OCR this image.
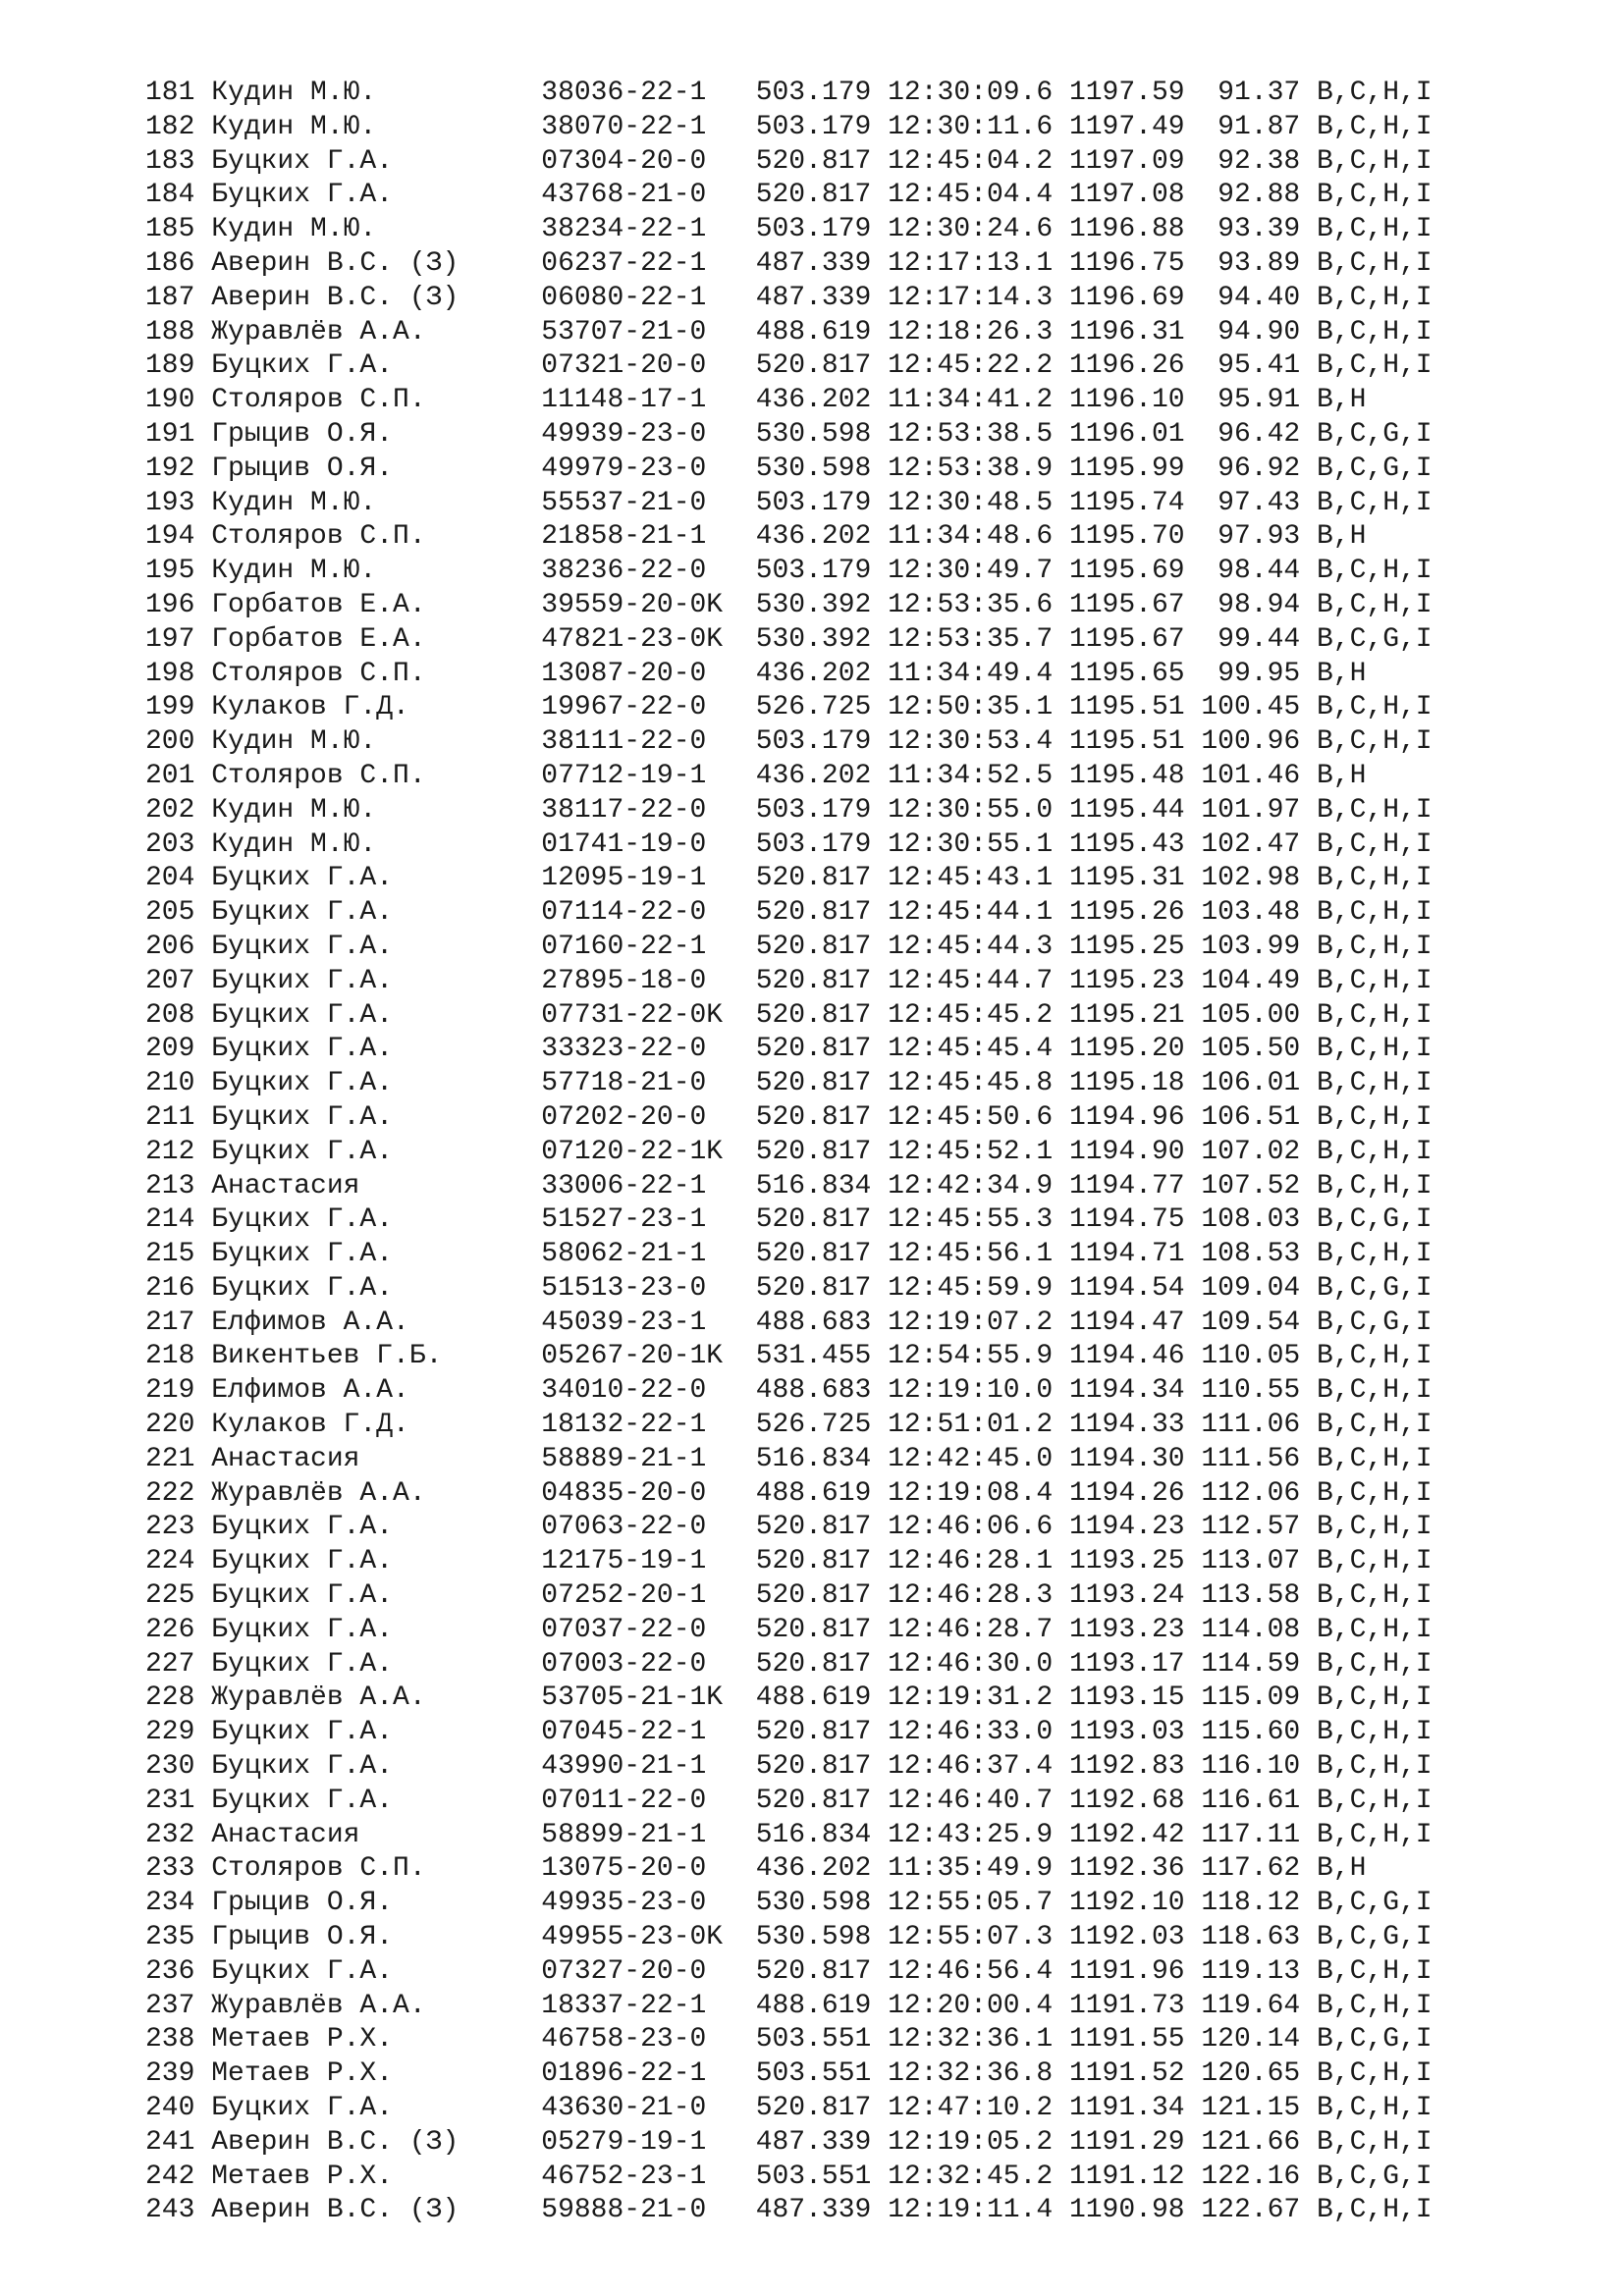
181 Кудин М.Ю.          38036-22-1   503.179 12:30:09.6 1197.59  91.37 B,C,H,I
182 Кудин М.Ю.          38070-22-1   503.179 12:30:11.6 1197.49  91.87 B,C,H,I
183 Буцких Г.А.         07304-20-0   520.817 12:45:04.2 1197.09  92.38 B,C,H,I
184 Буцких Г.А.         43768-21-0   520.817 12:45:04.4 1197.08  92.88 B,C,H,I
185 Кудин М.Ю.          38234-22-1   503.179 12:30:24.6 1196.88  93.39 B,C,H,I
186 Аверин В.С. (З)     06237-22-1   487.339 12:17:13.1 1196.75  93.89 B,C,H,I
187 Аверин В.С. (З)     06080-22-1   487.339 12:17:14.3 1196.69  94.40 B,C,H,I
188 Журавлёв А.А.       53707-21-0   488.619 12:18:26.3 1196.31  94.90 B,C,H,I
189 Буцких Г.А.         07321-20-0   520.817 12:45:22.2 1196.26  95.41 B,C,H,I
190 Столяров С.П.       11148-17-1   436.202 11:34:41.2 1196.10  95.91 B,H
191 Грыцив О.Я.         49939-23-0   530.598 12:53:38.5 1196.01  96.42 B,C,G,I
192 Грыцив О.Я.         49979-23-0   530.598 12:53:38.9 1195.99  96.92 B,C,G,I
193 Кудин М.Ю.          55537-21-0   503.179 12:30:48.5 1195.74  97.43 B,C,H,I
194 Столяров С.П.       21858-21-1   436.202 11:34:48.6 1195.70  97.93 B,H
195 Кудин М.Ю.          38236-22-0   503.179 12:30:49.7 1195.69  98.44 B,C,H,I
196 Горбатов Е.А.       39559-20-0K  530.392 12:53:35.6 1195.67  98.94 B,C,H,I
197 Горбатов Е.А.       47821-23-0K  530.392 12:53:35.7 1195.67  99.44 B,C,G,I
198 Столяров С.П.       13087-20-0   436.202 11:34:49.4 1195.65  99.95 B,H
199 Кулаков Г.Д.        19967-22-0   526.725 12:50:35.1 1195.51 100.45 B,C,H,I
200 Кудин М.Ю.          38111-22-0   503.179 12:30:53.4 1195.51 100.96 B,C,H,I
201 Столяров С.П.       07712-19-1   436.202 11:34:52.5 1195.48 101.46 B,H
202 Кудин М.Ю.          38117-22-0   503.179 12:30:55.0 1195.44 101.97 B,C,H,I
203 Кудин М.Ю.          01741-19-0   503.179 12:30:55.1 1195.43 102.47 B,C,H,I
204 Буцких Г.А.         12095-19-1   520.817 12:45:43.1 1195.31 102.98 B,C,H,I
205 Буцких Г.А.         07114-22-0   520.817 12:45:44.1 1195.26 103.48 B,C,H,I
206 Буцких Г.А.         07160-22-1   520.817 12:45:44.3 1195.25 103.99 B,C,H,I
207 Буцких Г.А.         27895-18-0   520.817 12:45:44.7 1195.23 104.49 B,C,H,I
208 Буцких Г.А.         07731-22-0K  520.817 12:45:45.2 1195.21 105.00 B,C,H,I
209 Буцких Г.А.         33323-22-0   520.817 12:45:45.4 1195.20 105.50 B,C,H,I
210 Буцких Г.А.         57718-21-0   520.817 12:45:45.8 1195.18 106.01 B,C,H,I
211 Буцких Г.А.         07202-20-0   520.817 12:45:50.6 1194.96 106.51 B,C,H,I
212 Буцких Г.А.         07120-22-1K  520.817 12:45:52.1 1194.90 107.02 B,C,H,I
213 Анастасия           33006-22-1   516.834 12:42:34.9 1194.77 107.52 B,C,H,I
214 Буцких Г.А.         51527-23-1   520.817 12:45:55.3 1194.75 108.03 B,C,G,I
215 Буцких Г.А.         58062-21-1   520.817 12:45:56.1 1194.71 108.53 B,C,H,I
216 Буцких Г.А.         51513-23-0   520.817 12:45:59.9 1194.54 109.04 B,C,G,I
217 Елфимов А.А.        45039-23-1   488.683 12:19:07.2 1194.47 109.54 B,C,G,I
218 Викентьев Г.Б.      05267-20-1K  531.455 12:54:55.9 1194.46 110.05 B,C,H,I
219 Елфимов А.А.        34010-22-0   488.683 12:19:10.0 1194.34 110.55 B,C,H,I
220 Кулаков Г.Д.        18132-22-1   526.725 12:51:01.2 1194.33 111.06 B,C,H,I
221 Анастасия           58889-21-1   516.834 12:42:45.0 1194.30 111.56 B,C,H,I
222 Журавлёв А.А.       04835-20-0   488.619 12:19:08.4 1194.26 112.06 B,C,H,I
223 Буцких Г.А.         07063-22-0   520.817 12:46:06.6 1194.23 112.57 B,C,H,I
224 Буцких Г.А.         12175-19-1   520.817 12:46:28.1 1193.25 113.07 B,C,H,I
225 Буцких Г.А.         07252-20-1   520.817 12:46:28.3 1193.24 113.58 B,C,H,I
226 Буцких Г.А.         07037-22-0   520.817 12:46:28.7 1193.23 114.08 B,C,H,I
227 Буцких Г.А.         07003-22-0   520.817 12:46:30.0 1193.17 114.59 B,C,H,I
228 Журавлёв А.А.       53705-21-1K  488.619 12:19:31.2 1193.15 115.09 B,C,H,I
229 Буцких Г.А.         07045-22-1   520.817 12:46:33.0 1193.03 115.60 B,C,H,I
230 Буцких Г.А.         43990-21-1   520.817 12:46:37.4 1192.83 116.10 B,C,H,I
231 Буцких Г.А.         07011-22-0   520.817 12:46:40.7 1192.68 116.61 B,C,H,I
232 Анастасия           58899-21-1   516.834 12:43:25.9 1192.42 117.11 B,C,H,I
233 Столяров С.П.       13075-20-0   436.202 11:35:49.9 1192.36 117.62 B,H
234 Грыцив О.Я.         49935-23-0   530.598 12:55:05.7 1192.10 118.12 B,C,G,I
235 Грыцив О.Я.         49955-23-0K  530.598 12:55:07.3 1192.03 118.63 B,C,G,I
236 Буцких Г.А.         07327-20-0   520.817 12:46:56.4 1191.96 119.13 B,C,H,I
237 Журавлёв А.А.       18337-22-1   488.619 12:20:00.4 1191.73 119.64 B,C,H,I
238 Метаев Р.Х.         46758-23-0   503.551 12:32:36.1 1191.55 120.14 B,C,G,I
239 Метаев Р.Х.         01896-22-1   503.551 12:32:36.8 1191.52 120.65 B,C,H,I
240 Буцких Г.А.         43630-21-0   520.817 12:47:10.2 1191.34 121.15 B,C,H,I
241 Аверин В.С. (З)     05279-19-1   487.339 12:19:05.2 1191.29 121.66 B,C,H,I
242 Метаев Р.Х.         46752-23-1   503.551 12:32:45.2 1191.12 122.16 B,C,G,I
243 Аверин В.С. (З)     59888-21-0   487.339 12:19:11.4 1190.98 122.67 B,C,H,I
